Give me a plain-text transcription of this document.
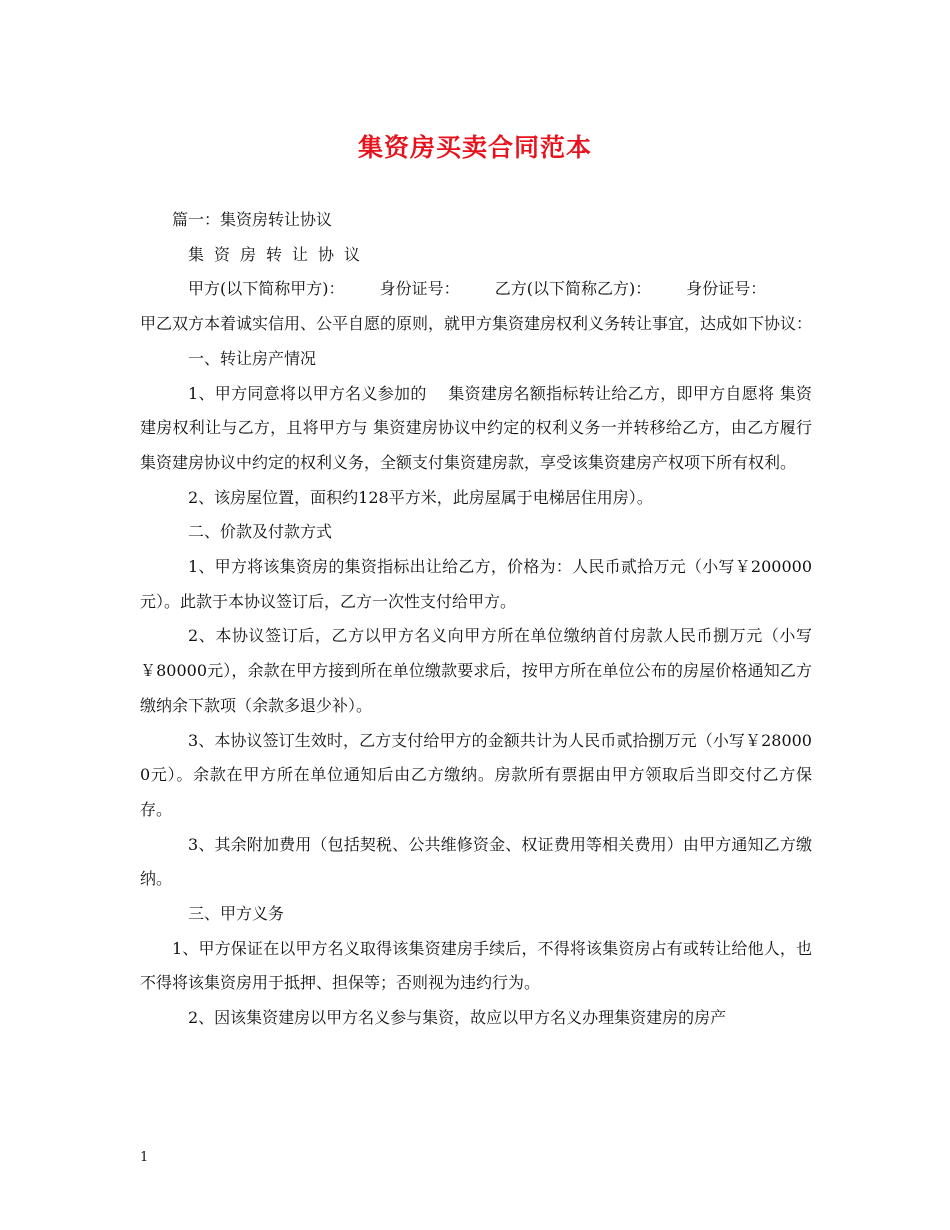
集资房买卖合同范本

篇一：集资房转让协议

集资房转让协议

甲方(以下简称甲方)： 身份证号： 乙方(以下简称乙方)： 身份证号：

甲乙双方本着诚实信用、公平自愿的原则，就甲方集资建房权利义务转让事宜，达成如下协议：

一、转让房产情况

1、甲方同意将以甲方名义参加的　 集资建房名额指标转让给乙方，即甲方自愿将 集资建房权利让与乙方，且将甲方与 集资建房协议中约定的权利义务一并转移给乙方，由乙方履行集资建房协议中约定的权利义务，全额支付集资建房款，享受该集资建房产权项下所有权利。

2、该房屋位置，面积约128平方米，此房屋属于电梯居住用房）。

二、价款及付款方式

1、甲方将该集资房的集资指标出让给乙方，价格为：人民币贰拾万元（小写￥200000元）。此款于本协议签订后，乙方一次性支付给甲方。

2、本协议签订后，乙方以甲方名义向甲方所在单位缴纳首付房款人民币捌万元（小写￥80000元），余款在甲方接到所在单位缴款要求后，按甲方所在单位公布的房屋价格通知乙方缴纳余下款项（余款多退少补）。

3、本协议签订生效时，乙方支付给甲方的金额共计为人民币贰拾捌万元（小写￥280000元）。余款在甲方所在单位通知后由乙方缴纳。房款所有票据由甲方领取后当即交付乙方保存。

3、其余附加费用（包括契税、公共维修资金、权证费用等相关费用）由甲方通知乙方缴纳。

三、甲方义务

1、甲方保证在以甲方名义取得该集资建房手续后，不得将该集资房占有或转让给他人，也不得将该集资房用于抵押、担保等；否则视为违约行为。

2、因该集资建房以甲方名义参与集资，故应以甲方名义办理集资建房的房产

1
